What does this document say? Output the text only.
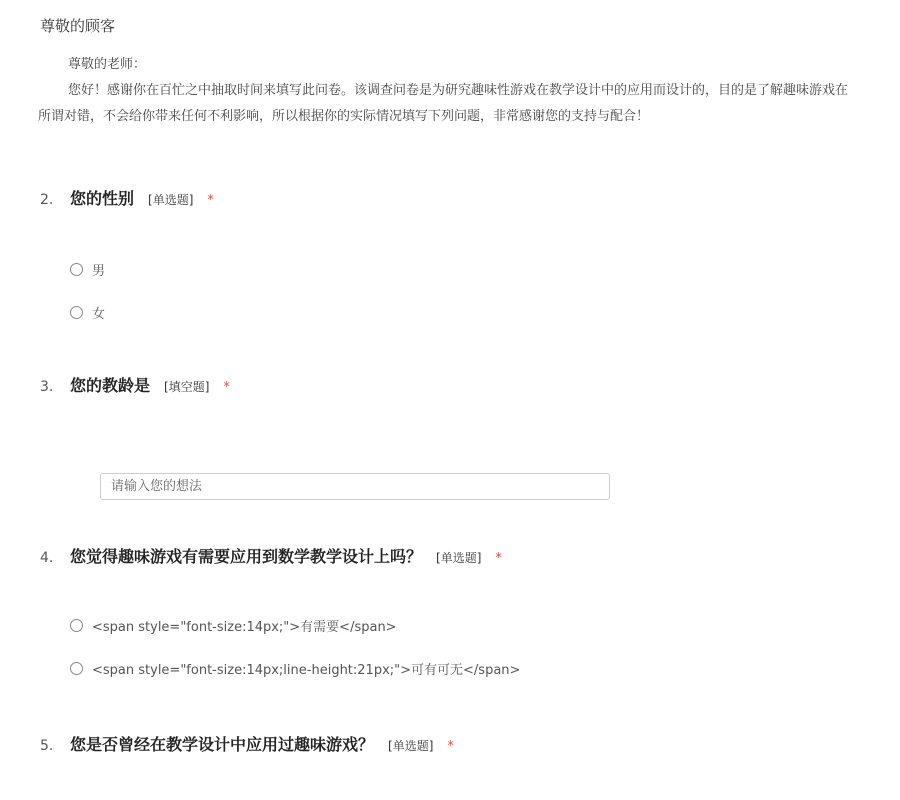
尊敬的顾客
尊敬的老师：
您好！感谢你在百忙之中抽取时间来填写此问卷。该调查问卷是为研究趣味性游戏在教学设计中的应用而设计的，目的是了解趣味游戏在
所谓对错，不会给你带来任何不利影响，所以根据你的实际情况填写下列问题，非常感谢您的支持与配合！
2.	您的性别 [单选题] *
男
女
3.	您的教龄是 [填空题] *
请输入您的想法
4.	您觉得趣味游戏有需要应用到数学教学设计上吗？ [单选题] *
<span style="font-size:14px;">有需要</span>
<span style="font-size:14px;line-height:21px;">可有可无</span>
5.	您是否曾经在教学设计中应用过趣味游戏？ [单选题] *
